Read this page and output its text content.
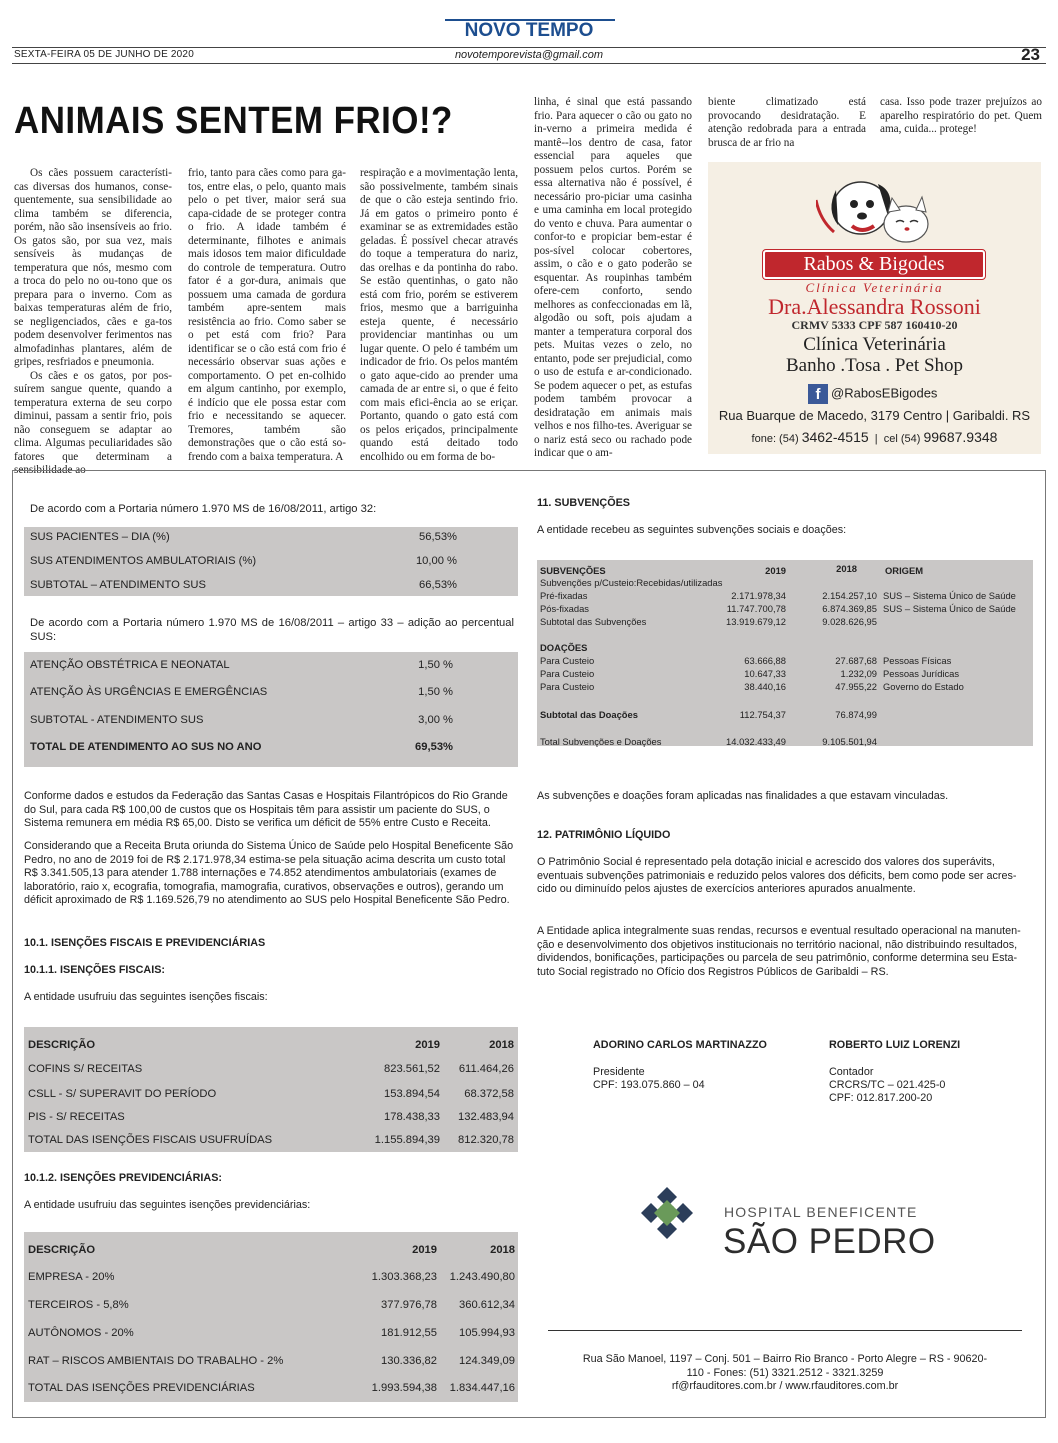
NOVO TEMPO
SEXTA-FEIRA 05 DE JUNHO DE 2020	novotemporevista@gmail.com	23
ANIMAIS SENTEM FRIO!?

Os cães possuem característi-cas diversas dos humanos, conse-quentemente, sua sensibilidade ao clima também se diferencia, porém, não são insensíveis ao frio. Os gatos são, por sua vez, mais sensíveis às mudanças de temperatura que nós, mesmo com a troca do pelo no ou-tono que os prepara para o inverno. Com as baixas temperaturas além de frio, se negligenciados, cães e ga-tos podem desenvolver ferimentos nas almofadinhas plantares, além de gripes, resfriados e pneumonia.

Os cães e os gatos, por pos-suírem sangue quente, quando a temperatura externa de seu corpo diminui, passam a sentir frio, pois não conseguem se adaptar ao clima. Algumas peculiaridades são fatores que determinam a sensibilidade ao

frio, tanto para cães como para ga-tos, entre elas, o pelo, quanto mais pelo o pet tiver, maior será sua capa-cidade de se proteger contra o frio. A idade também é determinante, filhotes e animais mais idosos tem maior dificuldade do controle de temperatura. Outro fator é a gor-dura, animais que possuem uma camada de gordura também apre-sentem mais resistência ao frio. Como saber se o pet está com frio? Para identificar se o cão está com frio é necessário observar suas ações e comportamento. O pet en-colhido em algum cantinho, por exemplo, é indício que ele possa estar com frio e necessitando se aquecer. Tremores, também são demonstrações que o cão está so-frendo com a baixa temperatura. A

respiração e a movimentação lenta, são possivelmente, também sinais de que o cão esteja sentindo frio. Já em gatos o primeiro ponto é examinar se as extremidades estão geladas. É possível checar através do toque a temperatura do nariz, das orelhas e da pontinha do rabo. Se estão quentinhas, o gato não está com frio, porém se estiverem frios, mesmo que a barriguinha esteja quente, é necessário providenciar mantinhas ou um lugar quente. O pelo é também um indicador de frio. Os pelos mantém o gato aque-cido ao prender uma camada de ar entre si, o que é feito com mais efici-ência ao se eriçar. Portanto, quando o gato está com os pelos eriçados, principalmente quando está deitado todo encolhido ou em forma de bo-

linha, é sinal que está passando frio. Para aquecer o cão ou gato no in-verno a primeira medida é mantê--los dentro de casa, fator essencial para aqueles que possuem pelos curtos. Porém se essa alternativa não é possível, é necessário pro-piciar uma casinha e uma caminha em local protegido do vento e chuva. Para aumentar o confor-to e propiciar bem-estar é pos-sível colocar cobertores, assim, o cão e o gato poderão se esquentar. As roupinhas também ofere-cem conforto, sendo melhores as confeccionadas em lã, algodão ou soft, pois ajudam a manter a temperatura corporal dos pets. Muitas vezes o zelo, no entanto, pode ser prejudicial, como o uso de estufa e ar-condicionado. Se podem aquecer o pet, as estufas podem também provocar a desidratação em animais mais velhos e nos filho-tes. Averiguar se o nariz está seco ou rachado pode indicar que o am-

biente climatizado está provocando desidratação. E atenção redobrada para a entrada brusca de ar frio na

casa. Isso pode trazer prejuízos ao aparelho respiratório do pet. Quem ama, cuida... protege!

Rabos & Bigodes
Clínica Veterinária
Dra.Alessandra Rossoni
CRMV 5333 CPF 587 160410-20
Clínica Veterinária
Banho .Tosa . Pet Shop
f @RabosEBigodes
Rua Buarque de Macedo, 3179 Centro | Garibaldi. RS
fone: (54) 3462-4515  |  cel (54) 99687.9348
De acordo com a Portaria número 1.970 MS de 16/08/2011, artigo 32:
SUS PACIENTES – DIA (%)	56,53%
SUS ATENDIMENTOS AMBULATORIAIS (%)	10,00 %
SUBTOTAL – ATENDIMENTO SUS	66,53%
De acordo com a Portaria número 1.970 MS de 16/08/2011 – artigo 33 – adição ao percentual SUS:
ATENÇÃO OBSTÉTRICA E NEONATAL	1,50 %
ATENÇÃO ÀS URGÊNCIAS E EMERGÊNCIAS	1,50 %
SUBTOTAL - ATENDIMENTO SUS	3,00 %
TOTAL DE ATENDIMENTO AO SUS NO ANO	69,53%
Conforme dados e estudos da Federação das Santas Casas e Hospitais Filantrópicos do Rio Grande do Sul, para cada R$ 100,00 de custos que os Hospitais têm para assistir um paciente do SUS, o Sistema remunera em média R$ 65,00. Disto se verifica um déficit de 55% entre Custo e Receita.
Considerando que a Receita Bruta oriunda do Sistema Único de Saúde pelo Hospital Beneficente São Pedro, no ano de 2019 foi de R$ 2.171.978,34 estima-se pela situação acima descrita um custo total R$ 3.341.505,13 para atender 1.788 internações e 74.852 atendimentos ambulatoriais (exames de laboratório, raio x, ecografia, tomografia, mamografia, curativos, observações e outros), gerando um déficit aproximado de R$ 1.169.526,79 no atendimento ao SUS pelo Hospital Beneficente São Pedro.
10.1. ISENÇÕES FISCAIS E PREVIDENCIÁRIAS
10.1.1. ISENÇÕES FISCAIS:
A entidade usufruiu das seguintes isenções fiscais:
DESCRIÇÃO	2019	2018
COFINS S/ RECEITAS	823.561,52	611.464,26
CSLL - S/ SUPERAVIT DO PERÍODO	153.894,54	68.372,58
PIS - S/ RECEITAS	178.438,33	132.483,94
TOTAL DAS ISENÇÕES FISCAIS USUFRUÍDAS	1.155.894,39	812.320,78
10.1.2. ISENÇÕES PREVIDENCIÁRIAS:
A entidade usufruiu das seguintes isenções previdenciárias:
DESCRIÇÃO	2019	2018
EMPRESA - 20%	1.303.368,23	1.243.490,80
TERCEIROS - 5,8%	377.976,78	360.612,34
AUTÔNOMOS - 20%	181.912,55	105.994,93
RAT – RISCOS AMBIENTAIS DO TRABALHO - 2%	130.336,82	124.349,09
TOTAL DAS ISENÇÕES PREVIDENCIÁRIAS	1.993.594,38	1.834.447,16
11. SUBVENÇÕES
A entidade recebeu as seguintes subvenções sociais e doações:
SUBVENÇÕES	2019	2018	ORIGEM
Subvenções p/Custeio:Recebidas/utilizadas
Pré-fixadas	2.171.978,34	2.154.257,10 SUS – Sistema Único de Saúde
Pós-fixadas	11.747.700,78	6.874.369,85 SUS – Sistema Único de Saúde
Subtotal das Subvenções	13.919.679,12	9.028.626,95
DOAÇÕES
Para Custeio	63.666,88	27.687,68 Pessoas Físicas
Para Custeio	10.647,33	1.232,09 Pessoas Jurídicas
Para Custeio	38.440,16	47.955,22 Governo do Estado
Subtotal das Doações	112.754,37	76.874,99
Total Subvenções e Doações	14.032.433,49	9.105.501,94
As subvenções e doações foram aplicadas nas finalidades a que estavam vinculadas.
12. PATRIMÔNIO LÍQUIDO
O Patrimônio Social é representado pela dotação inicial e acrescido dos valores dos superávits, eventuais subvenções patrimoniais e reduzido pelos valores dos déficits, bem como pode ser acres-cido ou diminuído pelos ajustes de exercícios anteriores apurados anualmente.
A Entidade aplica integralmente suas rendas, recursos e eventual resultado operacional na manuten-ção e desenvolvimento dos objetivos institucionais no território nacional, não distribuindo resultados, dividendos, bonificações, participações ou parcela de seu patrimônio, conforme determina seu Esta-tuto Social registrado no Ofício dos Registros Públicos de Garibaldi – RS.
ADORINO CARLOS MARTINAZZO
Presidente
CPF: 193.075.860 – 04
ROBERTO LUIZ LORENZI
Contador
CRCRS/TC – 021.425-0
CPF: 012.817.200-20
HOSPITAL BENEFICENTE
SÃO PEDRO
Rua São Manoel, 1197 – Conj. 501 – Bairro Rio Branco - Porto Alegre – RS - 90620-
110 - Fones: (51) 3321.2512 - 3321.3259
rf@rfauditores.com.br / www.rfauditores.com.br
